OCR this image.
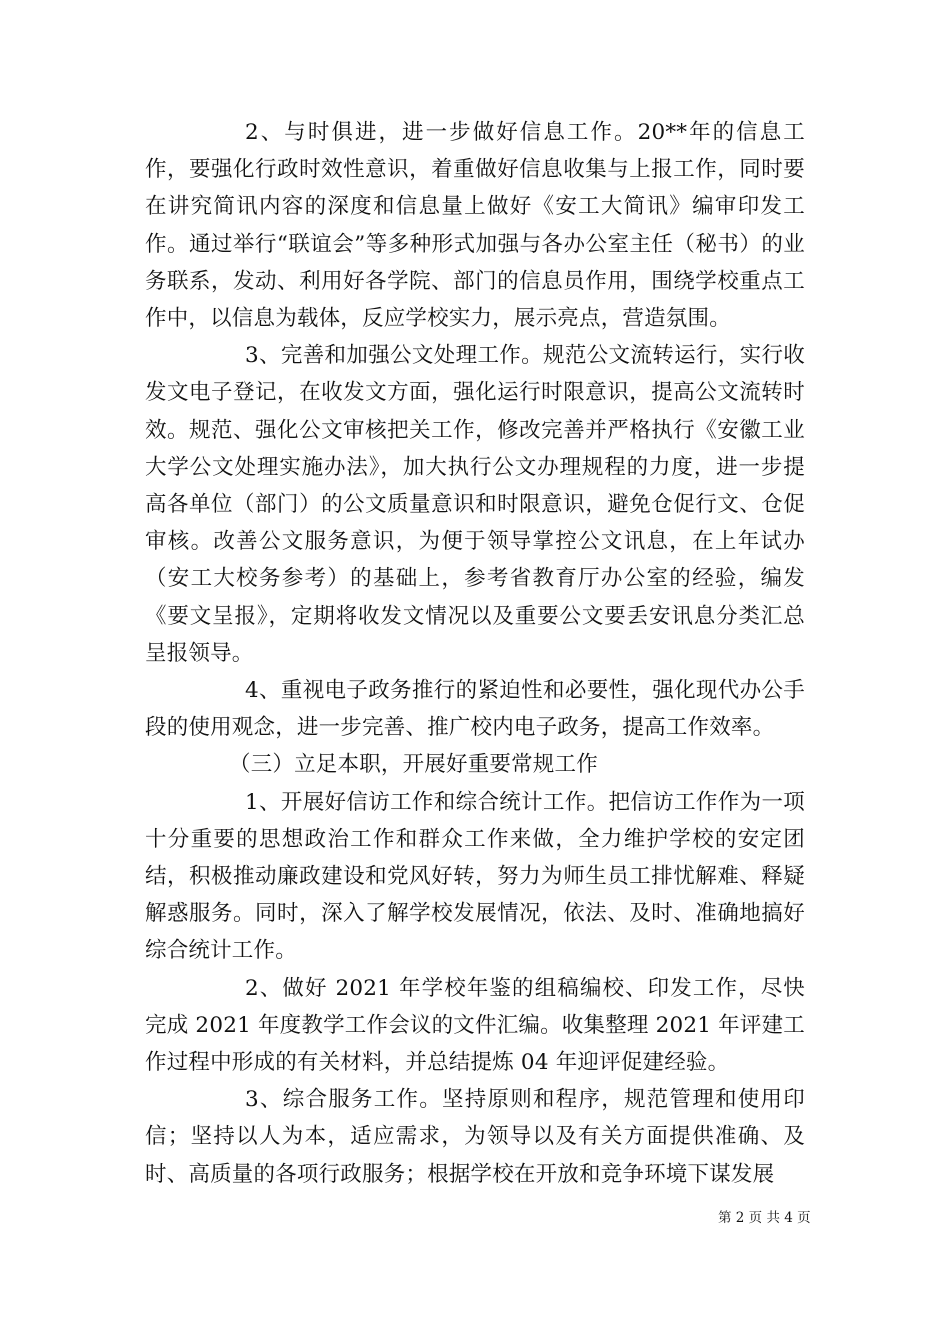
2、与时俱进，进一步做好信息工作。20**年的信息工作，要强化行政时效性意识，着重做好信息收集与上报工作，同时要在讲究简讯内容的深度和信息量上做好《安工大简讯》编审印发工作。通过举行“联谊会”等多种形式加强与各办公室主任（秘书）的业务联系，发动、利用好各学院、部门的信息员作用，围绕学校重点工作中，以信息为载体，反应学校实力，展示亮点，营造氛围。

3、完善和加强公文处理工作。规范公文流转运行，实行收发文电子登记，在收发文方面，强化运行时限意识，提高公文流转时效。规范、强化公文审核把关工作，修改完善并严格执行《安徽工业大学公文处理实施办法》，加大执行公文办理规程的力度，进一步提高各单位（部门）的公文质量意识和时限意识，避免仓促行文、仓促审核。改善公文服务意识，为便于领导掌控公文讯息，在上年试办（安工大校务参考）的基础上，参考省教育厅办公室的经验，编发《要文呈报》，定期将收发文情况以及重要公文要丢安讯息分类汇总呈报领导。

4、重视电子政务推行的紧迫性和必要性，强化现代办公手段的使用观念，进一步完善、推广校内电子政务，提高工作效率。

（三）立足本职，开展好重要常规工作

1、开展好信访工作和综合统计工作。把信访工作作为一项十分重要的思想政治工作和群众工作来做，全力维护学校的安定团结，积极推动廉政建设和党风好转，努力为师生员工排忧解难、释疑解惑服务。同时，深入了解学校发展情况，依法、及时、准确地搞好综合统计工作。

2、做好 2021 年学校年鉴的组稿编校、印发工作，尽快完成 2021 年度教学工作会议的文件汇编。收集整理 2021 年评建工作过程中形成的有关材料，并总结提炼 04 年迎评促建经验。

3、综合服务工作。坚持原则和程序，规范管理和使用印信；坚持以人为本，适应需求，为领导以及有关方面提供准确、及时、高质量的各项行政服务；根据学校在开放和竞争环境下谋发展

第 2 页 共 4 页
